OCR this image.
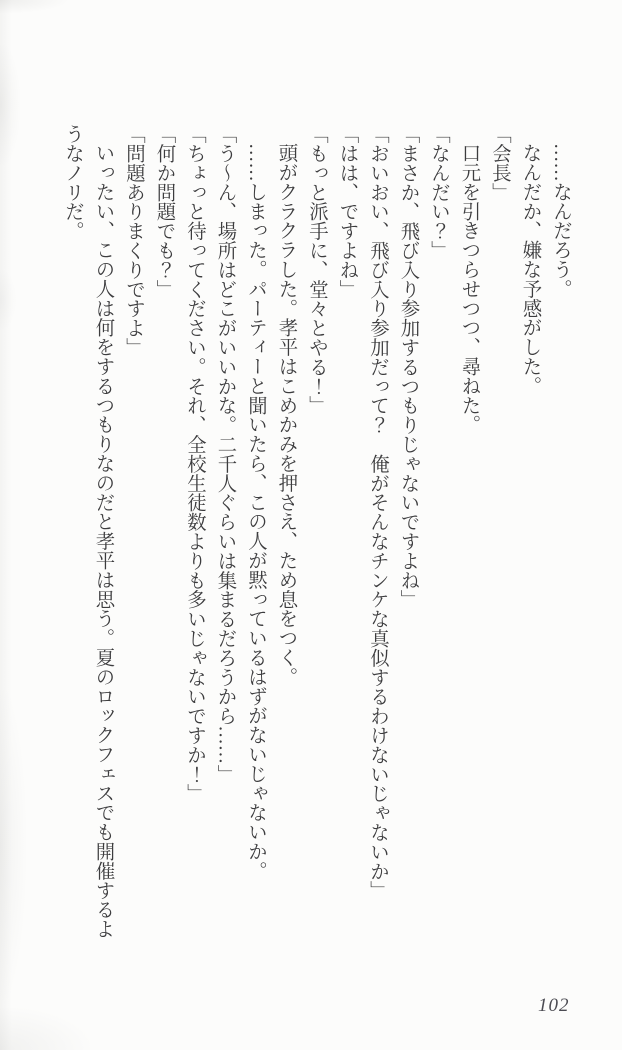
……なんだろう。

なんだか、嫌な予感がした。

「会長」

口元を引きつらせつつ、尋ねた。

「なんだい？」

「まさか、飛び入り参加するつもりじゃないですよね」

「おいおい、飛び入り参加だって？　俺がそんなチンケな真似するわけないじゃないか」

「はは、ですよね」

「もっと派手に、堂々とやる！」

頭がクラクラした。孝平はこめかみを押さえ、ため息をつく。

……しまった。パーティーと聞いたら、この人が黙っているはずがないじゃないか。

「う〜ん、場所はどこがいいかな。二千人ぐらいは集まるだろうから……」

「ちょっと待ってください。それ、全校生徒数よりも多いじゃないですか！」

「何か問題でも？」

「問題ありまくりですよ」

いったい、この人は何をするつもりなのだと孝平は思う。夏のロックフェスでも開催するようなノリだ。

102
